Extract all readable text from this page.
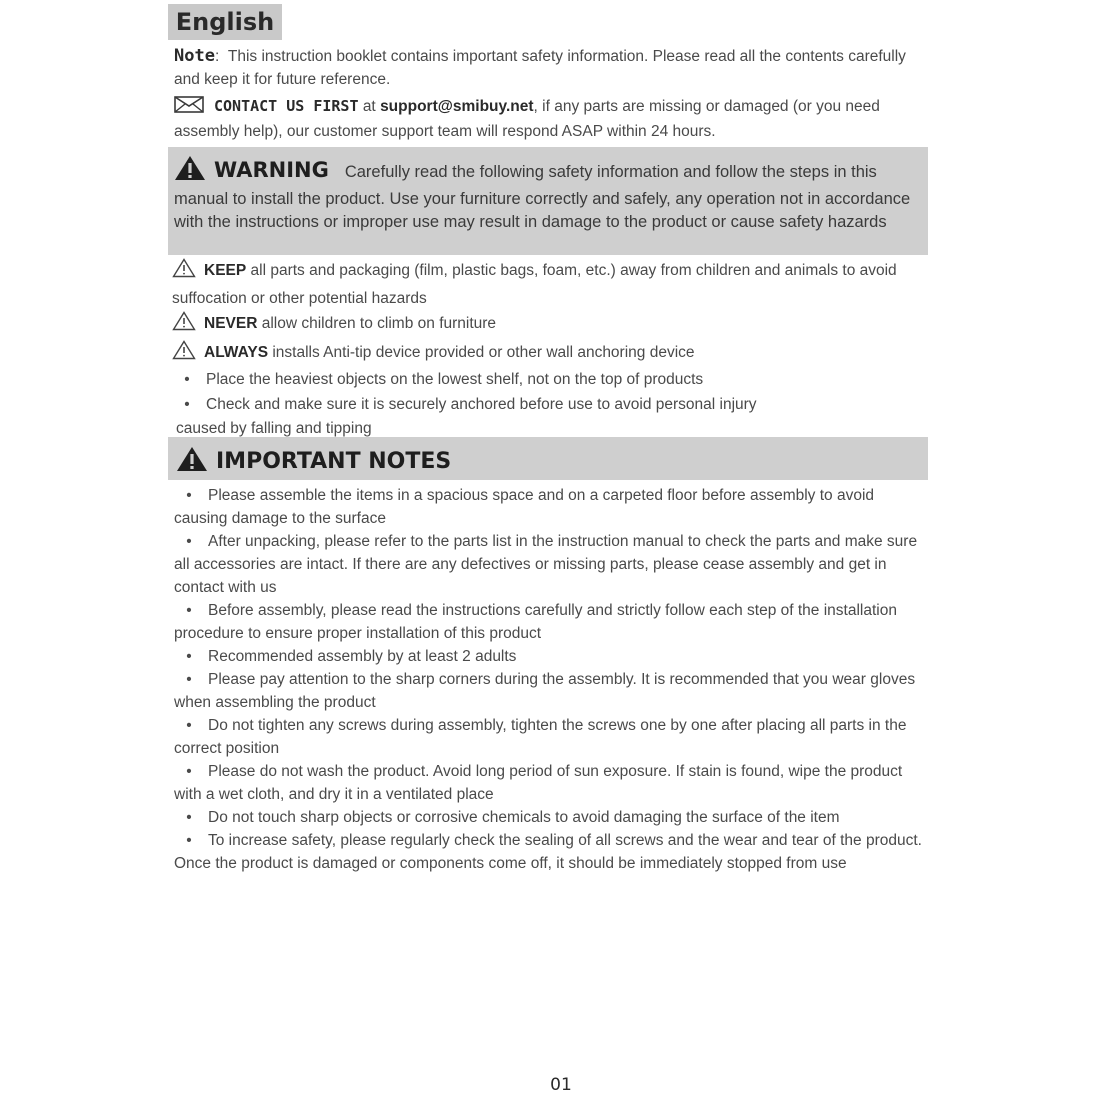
English

Note: This instruction booklet contains important safety information. Please read all the contents carefully and keep it for future reference.

CONTACT US FIRST at support@smibuy.net, if any parts are missing or damaged (or you need assembly help), our customer support team will respond ASAP within 24 hours.

WARNING Carefully read the following safety information and follow the steps in this manual to install the product. Use your furniture correctly and safely, any operation not in accordance with the instructions or improper use may result in damage to the product or cause safety hazards

KEEP all parts and packaging (film, plastic bags, foam, etc.) away from children and animals to avoid suffocation or other potential hazards

NEVER allow children to climb on furniture

ALWAYS installs Anti-tip device provided or other wall anchoring device

• Place the heaviest objects on the lowest shelf, not on the top of products

• Check and make sure it is securely anchored before use to avoid personal injury

caused by falling and tipping

IMPORTANT NOTES

• Please assemble the items in a spacious space and on a carpeted floor before assembly to avoid causing damage to the surface

• After unpacking, please refer to the parts list in the instruction manual to check the parts and make sure all accessories are intact. If there are any defectives or missing parts, please cease assembly and get in contact with us

• Before assembly, please read the instructions carefully and strictly follow each step of the installation procedure to ensure proper installation of this product

• Recommended assembly by at least 2 adults

• Please pay attention to the sharp corners during the assembly. It is recommended that you wear gloves when assembling the product

• Do not tighten any screws during assembly, tighten the screws one by one after placing all parts in the correct position

• Please do not wash the product. Avoid long period of sun exposure. If stain is found, wipe the product with a wet cloth, and dry it in a ventilated place

• Do not touch sharp objects or corrosive chemicals to avoid damaging the surface of the item

• To increase safety, please regularly check the sealing of all screws and the wear and tear of the product. Once the product is damaged or components come off, it should be immediately stopped from use

01
